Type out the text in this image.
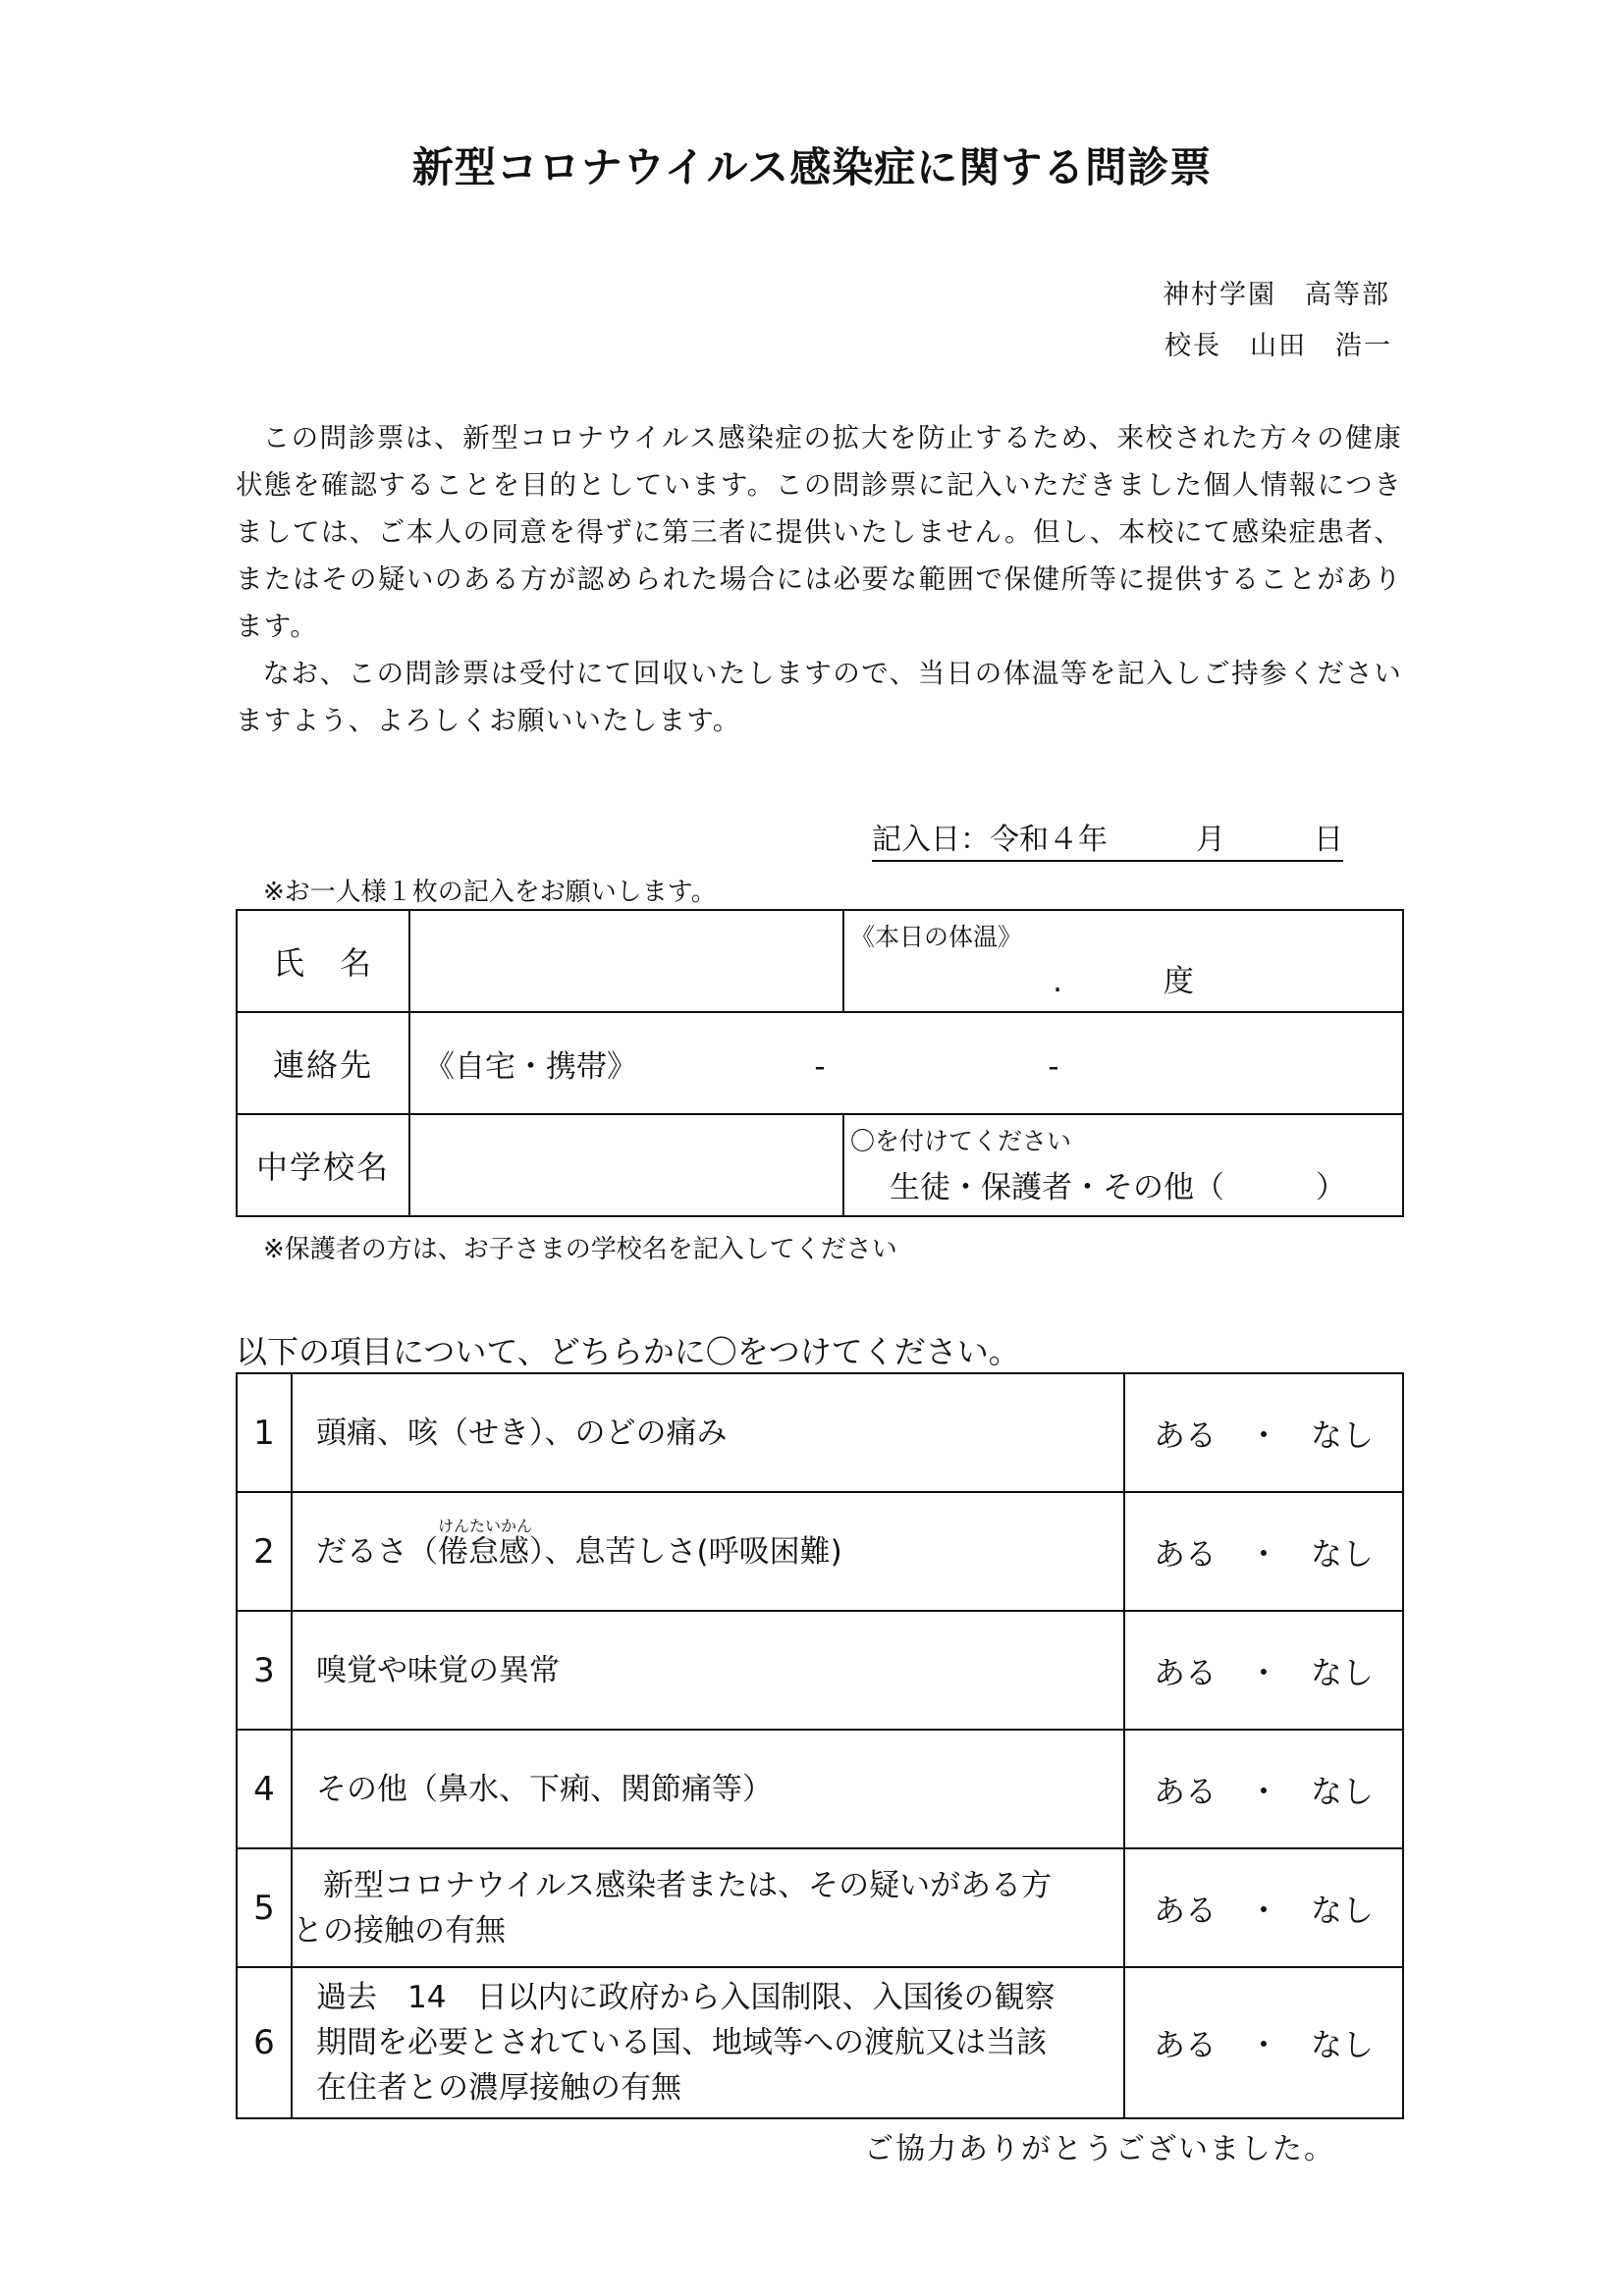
新型コロナウイルス感染症に関する問診票
神村学園　高等部
校長　山田　浩一

この問診票は、新型コロナウイルス感染症の拡大を防止するため、来校された方々の健康状態を確認することを目的としています。この問診票に記入いただきました個人情報につきましては、ご本人の同意を得ずに第三者に提供いたしません。但し、本校にて感染症患者、またはその疑いのある方が認められた場合には必要な範囲で保健所等に提供することがあります。

なお、この問診票は受付にて回収いたしますので、当日の体温等を記入しご持参くださいますよう、よろしくお願いいたします。

記入日：令和４年　　　月　　　日
※お一人様１枚の記入をお願いします。
氏　名		《本日の体温》
.　　　 度

連絡先	《自宅・携帯》　　　　　　 -　　　　　　　 -	
中学校名		〇を付けてください
生徒・保護者・その他（　　　）
※保護者の方は、お子さまの学校名を記入してください
以下の項目について、どちらかに〇をつけてください。
1	頭痛、咳（せき）、のどの痛み	ある　・　なし
2	だるさ（
けんたいかん
倦怠感）、息苦しさ(呼吸困難)	ある　・　なし
3	嗅覚や味覚の異常	ある　・　なし
4	その他（鼻水、下痢、関節痛等）	ある　・　なし
5	　新型コロナウイルス感染者または、その疑いがある方
との接触の有無	ある　・　なし
6	過去　14　日以内に政府から入国制限、入国後の観察
期間を必要とされている国、地域等への渡航又は当該
在住者との濃厚接触の有無	ある　・　なし
ご協力ありがとうございました。
